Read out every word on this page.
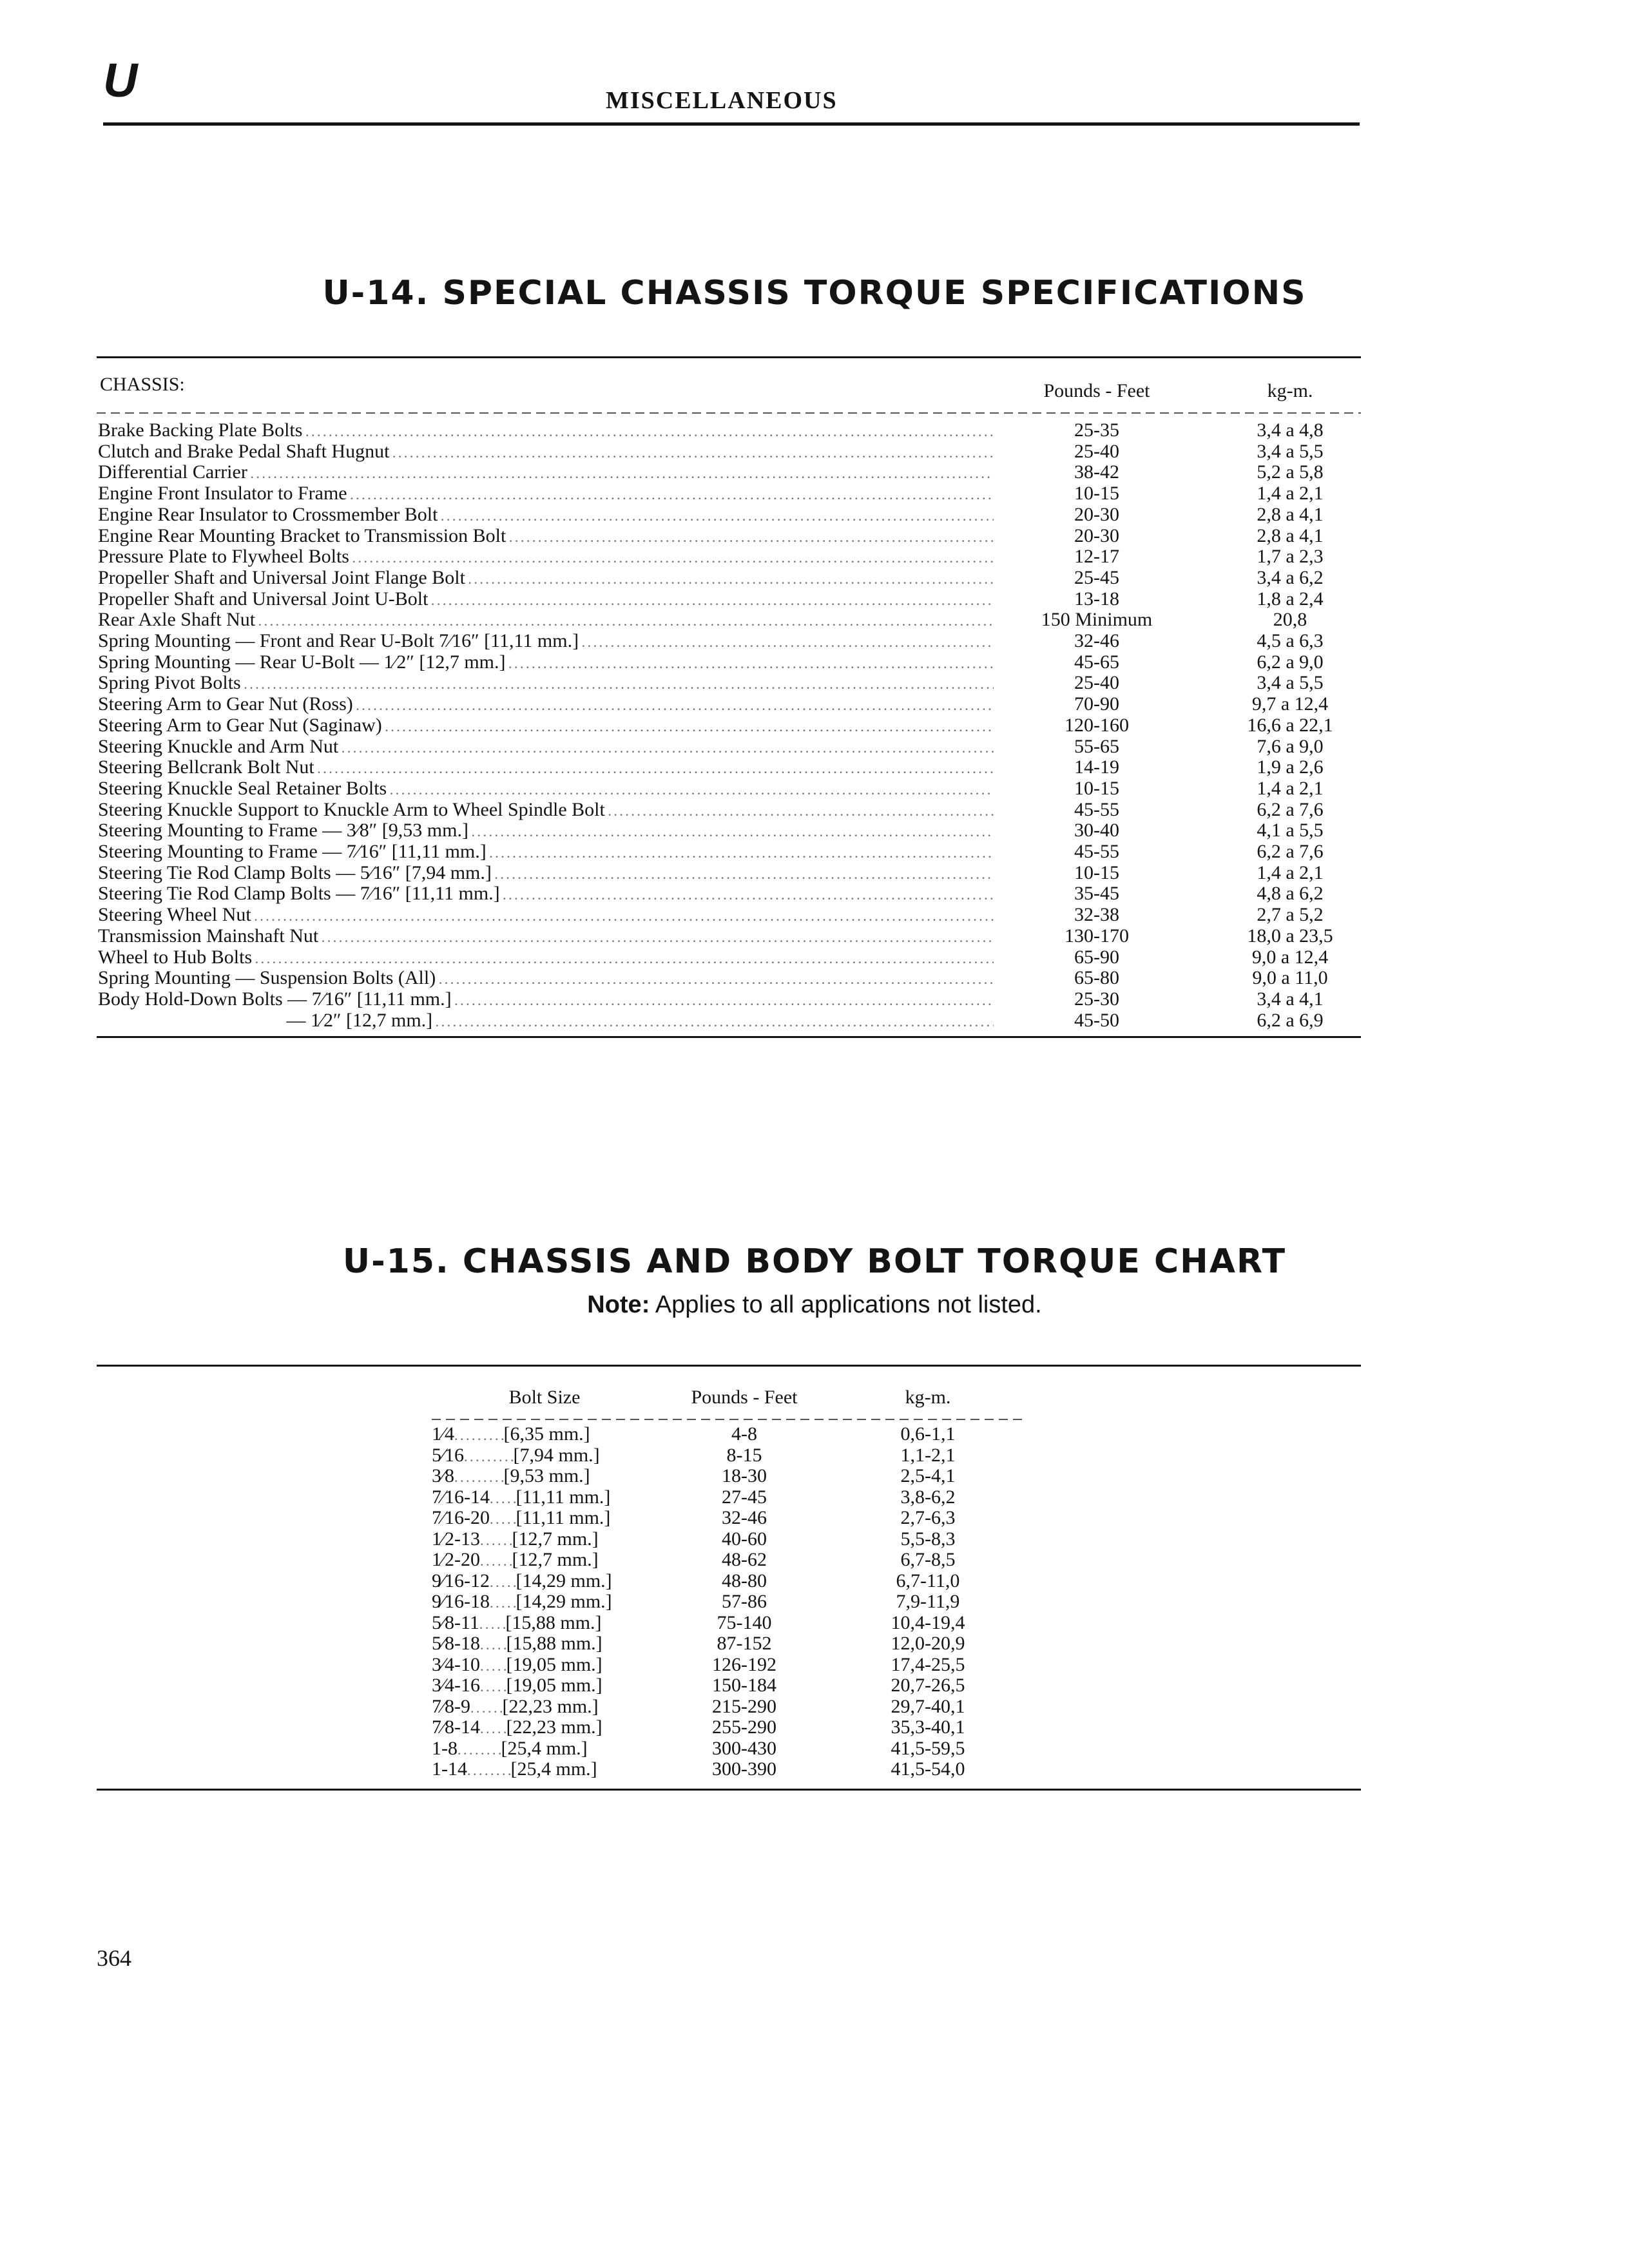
U	MISCELLANEOUS
U-14. SPECIAL CHASSIS TORQUE SPECIFICATIONS
CHASSIS:	Pounds - Feet	kg-m.
Brake Backing Plate Bolts . . .	25-35	3,4 a 4,8
Clutch and Brake Pedal Shaft Hugnut . . .	25-40	3,4 a 5,5
Differential Carrier . . .	38-42	5,2 a 5,8
Engine Front Insulator to Frame . . .	10-15	1,4 a 2,1
Engine Rear Insulator to Crossmember Bolt . . .	20-30	2,8 a 4,1
Engine Rear Mounting Bracket to Transmission Bolt . . .	20-30	2,8 a 4,1
Pressure Plate to Flywheel Bolts . . .	12-17	1,7 a 2,3
Propeller Shaft and Universal Joint Flange Bolt . . .	25-45	3,4 a 6,2
Propeller Shaft and Universal Joint U-Bolt . . .	13-18	1,8 a 2,4
Rear Axle Shaft Nut . . .	150 Minimum	20,8
Spring Mounting — Front and Rear U-Bolt 7⁄16″ [11,11 mm.] . . .	32-46	4,5 a 6,3
Spring Mounting — Rear U-Bolt — 1⁄2″ [12,7 mm.] . . .	45-65	6,2 a 9,0
Spring Pivot Bolts . . .	25-40	3,4 a 5,5
Steering Arm to Gear Nut (Ross) . . .	70-90	9,7 a 12,4
Steering Arm to Gear Nut (Saginaw) . . .	120-160	16,6 a 22,1
Steering Knuckle and Arm Nut . . .	55-65	7,6 a 9,0
Steering Bellcrank Bolt Nut . . .	14-19	1,9 a 2,6
Steering Knuckle Seal Retainer Bolts . . .	10-15	1,4 a 2,1
Steering Knuckle Support to Knuckle Arm to Wheel Spindle Bolt . . .	45-55	6,2 a 7,6
Steering Mounting to Frame — 3⁄8″ [9,53 mm.] . . .	30-40	4,1 a 5,5
Steering Mounting to Frame — 7⁄16″ [11,11 mm.] . . .	45-55	6,2 a 7,6
Steering Tie Rod Clamp Bolts — 5⁄16″ [7,94 mm.] . . .	10-15	1,4 a 2,1
Steering Tie Rod Clamp Bolts — 7⁄16″ [11,11 mm.] . . .	35-45	4,8 a 6,2
Steering Wheel Nut . . .	32-38	2,7 a 5,2
Transmission Mainshaft Nut . . .	130-170	18,0 a 23,5
Wheel to Hub Bolts . . .	65-90	9,0 a 12,4
Spring Mounting — Suspension Bolts (All) . . .	65-80	9,0 a 11,0
Body Hold-Down Bolts — 7⁄16″ [11,11 mm.] . . .	25-30	3,4 a 4,1
— 1⁄2″ [12,7 mm.] . . .	45-50	6,2 a 6,9
U-15. CHASSIS AND BODY BOLT TORQUE CHART
Note: Applies to all applications not listed.
Bolt Size	Pounds - Feet	kg-m.
1⁄4. . . . . . . . .[6,35 mm.]	4-8	0,6-1,1
5⁄16. . . . . . . . .[7,94 mm.]	8-15	1,1-2,1
3⁄8. . . . . . . . .[9,53 mm.]	18-30	2,5-4,1
7⁄16-14. . . . .[11,11 mm.]	27-45	3,8-6,2
7⁄16-20. . . . .[11,11 mm.]	32-46	2,7-6,3
1⁄2-13. . . . . .[12,7 mm.]	40-60	5,5-8,3
1⁄2-20. . . . . .[12,7 mm.]	48-62	6,7-8,5
9⁄16-12. . . . .[14,29 mm.]	48-80	6,7-11,0
9⁄16-18. . . . .[14,29 mm.]	57-86	7,9-11,9
5⁄8-11. . . . .[15,88 mm.]	75-140	10,4-19,4
5⁄8-18. . . . .[15,88 mm.]	87-152	12,0-20,9
3⁄4-10. . . . .[19,05 mm.]	126-192	17,4-25,5
3⁄4-16. . . . .[19,05 mm.]	150-184	20,7-26,5
7⁄8-9. . . . . .[22,23 mm.]	215-290	29,7-40,1
7⁄8-14. . . . .[22,23 mm.]	255-290	35,3-40,1
1-8. . . . . . . .[25,4 mm.]	300-430	41,5-59,5
1-14. . . . . . . .[25,4 mm.]	300-390	41,5-54,0
364
